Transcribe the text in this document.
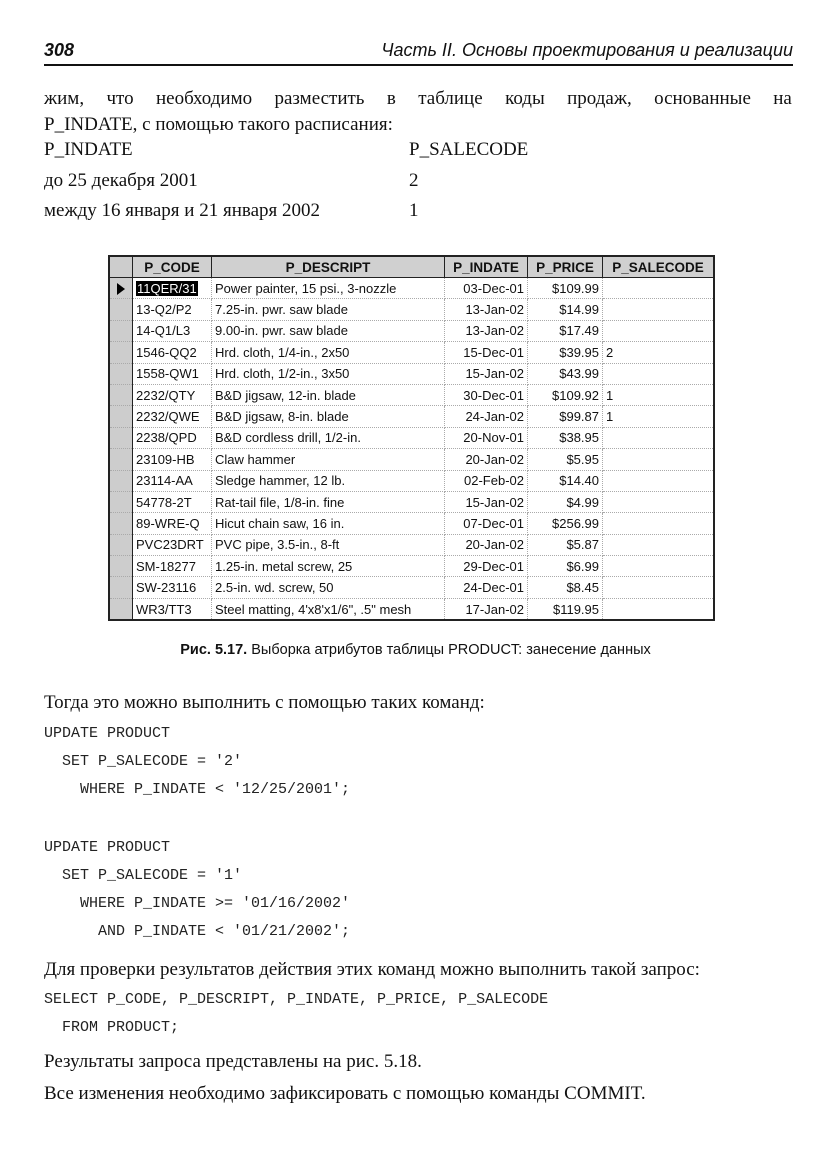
308	Часть II. Основы проектирования и реализации
жим, что необходимо разместить в таблице коды продаж, основанные на
P_INDATE, с помощью такого расписания:
P_INDATE	P_SALECODE
до 25 декабря 2001	2
между 16 января и 21 января 2002	1
	P_CODE	P_DESCRIPT	P_INDATE	P_PRICE	P_SALECODE
	11QER/31	Power painter, 15 psi., 3-nozzle	03-Dec-01	$109.99	
	13-Q2/P2	7.25-in. pwr. saw blade	13-Jan-02	$14.99	
	14-Q1/L3	9.00-in. pwr. saw blade	13-Jan-02	$17.49	
	1546-QQ2	Hrd. cloth, 1/4-in., 2x50	15-Dec-01	$39.95	2
	1558-QW1	Hrd. cloth, 1/2-in., 3x50	15-Jan-02	$43.99	
	2232/QTY	B&D jigsaw, 12-in. blade	30-Dec-01	$109.92	1
	2232/QWE	B&D jigsaw, 8-in. blade	24-Jan-02	$99.87	1
	2238/QPD	B&D cordless drill, 1/2-in.	20-Nov-01	$38.95	
	23109-HB	Claw hammer	20-Jan-02	$5.95	
	23114-AA	Sledge hammer, 12 lb.	02-Feb-02	$14.40	
	54778-2T	Rat-tail file, 1/8-in. fine	15-Jan-02	$4.99	
	89-WRE-Q	Hicut chain saw, 16 in.	07-Dec-01	$256.99	
	PVC23DRT	PVC pipe, 3.5-in., 8-ft	20-Jan-02	$5.87	
	SM-18277	1.25-in. metal screw, 25	29-Dec-01	$6.99	
	SW-23116	2.5-in. wd. screw, 50	24-Dec-01	$8.45	
	WR3/TT3	Steel matting, 4'x8'x1/6", .5" mesh	17-Jan-02	$119.95	
Рис. 5.17. Выборка атрибутов таблицы PRODUCT: занесение данных
Тогда это можно выполнить с помощью таких команд:
UPDATE PRODUCT
SET P_SALECODE = '2'
WHERE P_INDATE < '12/25/2001';
UPDATE PRODUCT
SET P_SALECODE = '1'
WHERE P_INDATE >= '01/16/2002'
AND P_INDATE < '01/21/2002';
Для проверки результатов действия этих команд можно выполнить такой запрос:
SELECT P_CODE, P_DESCRIPT, P_INDATE, P_PRICE, P_SALECODE
FROM PRODUCT;
Результаты запроса представлены на рис. 5.18.
Все изменения необходимо зафиксировать с помощью команды COMMIT.
